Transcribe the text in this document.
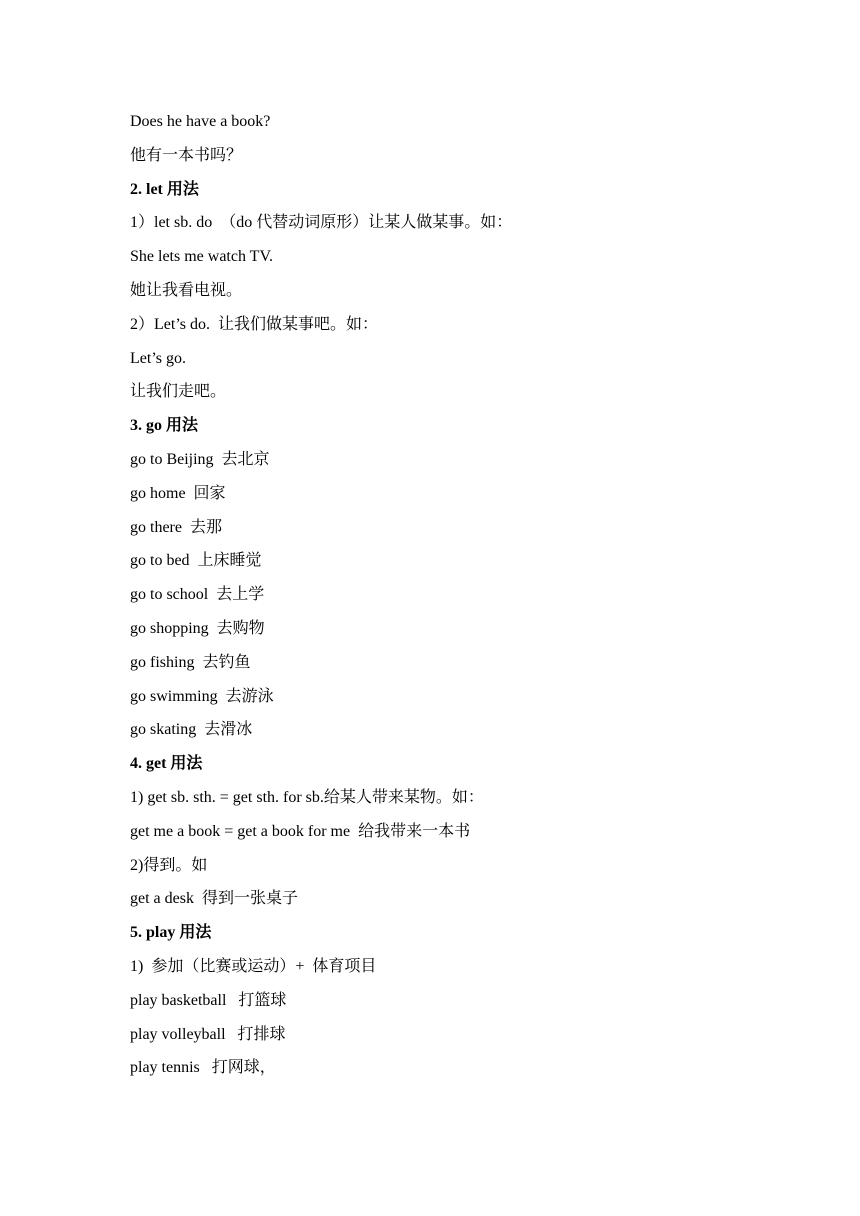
Does he have a book?
他有一本书吗？
2. let 用法
1）let sb. do  （do 代替动词原形）让某人做某事。如：
She lets me watch TV.
她让我看电视。
2）Let’s do.  让我们做某事吧。如：
Let’s go.
让我们走吧。
3. go 用法
go to Beijing  去北京
go home  回家
go there  去那
go to bed  上床睡觉
go to school  去上学
go shopping  去购物
go fishing  去钓鱼
go swimming  去游泳
go skating  去滑冰
4. get 用法
1) get sb. sth. = get sth. for sb.给某人带来某物。如：
get me a book = get a book for me  给我带来一本书
2)得到。如
get a desk  得到一张桌子
5. play 用法
1)  参加（比赛或运动）+  体育项目
play basketball   打篮球
play volleyball   打排球
play tennis   打网球，
